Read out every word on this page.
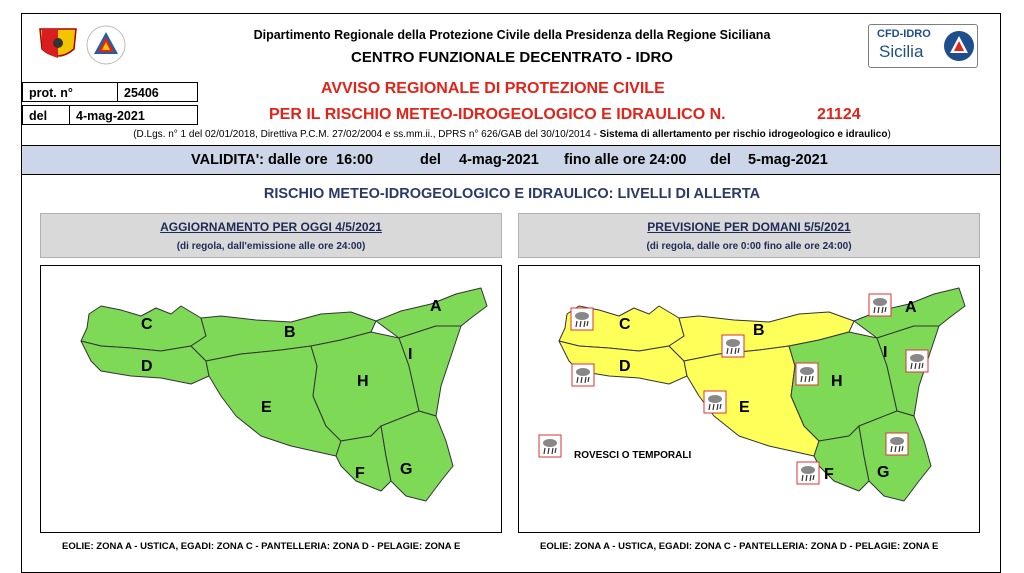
Dipartimento Regionale della Protezione Civile della Presidenza della Regione Siciliana
CENTRO FUNZIONALE DECENTRATO - IDRO
CFD-IDRO
Sicilia
prot. n°	25406
del	4-mag-2021
AVVISO REGIONALE DI PROTEZIONE CIVILE
PER IL RISCHIO METEO-IDROGEOLOGICO E IDRAULICO N.	21124
(D.Lgs. n° 1 del 02/01/2018, Direttiva P.C.M. 27/02/2004 e ss.mm.ii., DPRS n° 626/GAB del 30/10/2014 - Sistema di allertamento per rischio idrogeologico e idraulico)
VALIDITA': dalle ore 16:00	del 4-mag-2021 fino alle ore 24:00 del 5-mag-2021
RISCHIO METEO-IDROGEOLOGICO E IDRAULICO: LIVELLI DI ALLERTA
AGGIORNAMENTO PER OGGI 4/5/2021
(di regola, dall'emissione alle ore 24:00)
PREVISIONE PER DOMANI 5/5/2021
(di regola, dalle ore 0:00 fino alle ore 24:00)
C
D
B
E
H
A
I
F G
C
D
B
E
H
A
I
F	G
ROVESCI O TEMPORALI
EOLIE: ZONA A - USTICA, EGADI: ZONA C - PANTELLERIA: ZONA D - PELAGIE: ZONA E	EOLIE: ZONA A - USTICA, EGADI: ZONA C - PANTELLERIA: ZONA D - PELAGIE: ZONA E
